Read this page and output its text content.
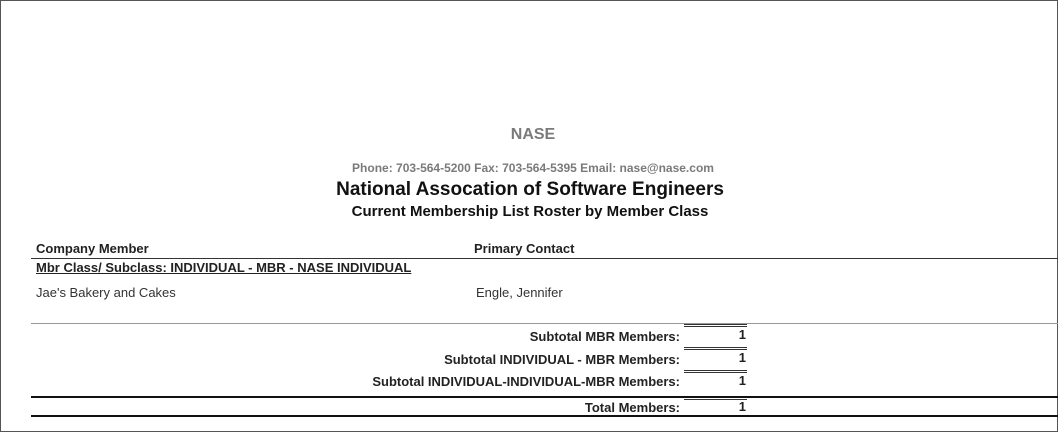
NASE
Phone: 703-564-5200 Fax: 703-564-5395 Email: nase@nase.com
National Assocation of Software Engineers
Current Membership List Roster by Member Class
Company Member	Primary Contact
Mbr Class/ Subclass: INDIVIDUAL - MBR - NASE INDIVIDUAL
Jae's Bakery and Cakes	Engle, Jennifer
Subtotal MBR Members:	1
Subtotal INDIVIDUAL - MBR Members:	1
Subtotal INDIVIDUAL-INDIVIDUAL-MBR Members:	1
Total Members:	1
